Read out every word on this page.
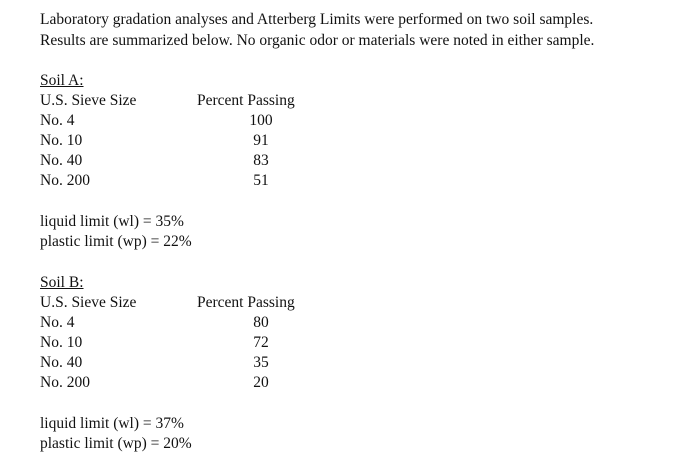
Laboratory gradation analyses and Atterberg Limits were performed on two soil samples.
Results are summarized below. No organic odor or materials were noted in either sample.
Soil A:
U.S. Sieve Size	Percent Passing
No. 4	100
No. 10	91
No. 40	83
No. 200	51
liquid limit (wl) = 35%
plastic limit (wp) = 22%
Soil B:
U.S. Sieve Size	Percent Passing
No. 4	80
No. 10	72
No. 40	35
No. 200	20
liquid limit (wl) = 37%
plastic limit (wp) = 20%
